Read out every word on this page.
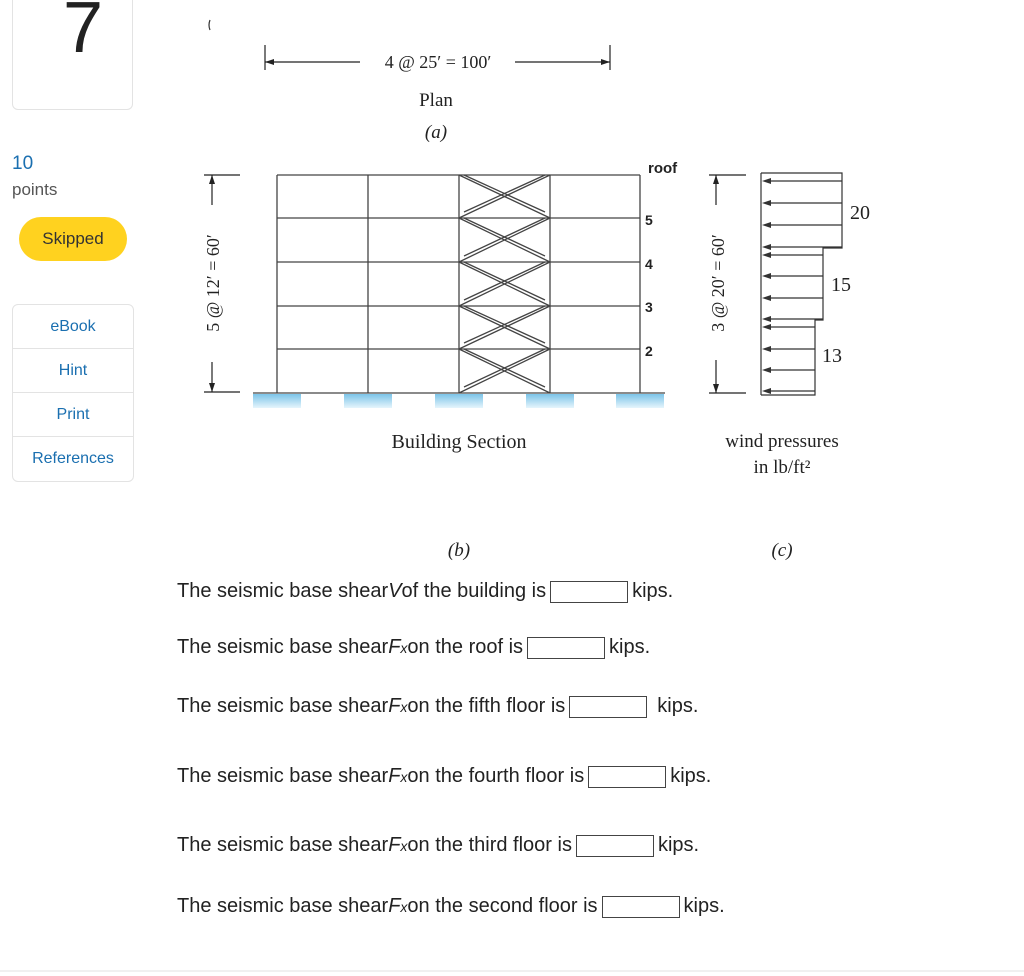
7
10
points
Skipped
eBook
Hint
Print
References
4 @ 25′ = 100′
Plan
(a)
5 @ 12′ = 60′
roof
5
4
3
2
Building Section
(b)
3 @ 20′ = 60′
20
15
13
wind pressures
in lb/ft²
(c)
The seismic base shear V of the building is	kips.
The seismic base shear F x on the roof is	kips.
The seismic base shear F x on the fifth floor is	kips.
The seismic base shear F x on the fourth floor is	kips.
The seismic base shear F x on the third floor is	kips.
The seismic base shear F x on the second floor is	kips.
